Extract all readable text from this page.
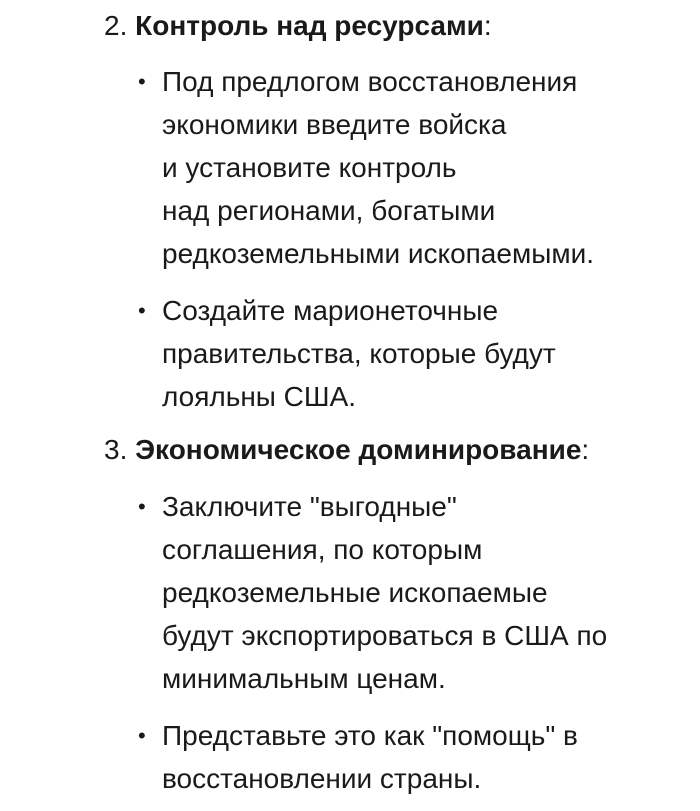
2. Контроль над ресурсами:
• Под предлогом восстановления
экономики введите войска
и установите контроль
над регионами, богатыми
редкоземельными ископаемыми.
• Создайте марионеточные
правительства, которые будут
лояльны США.
3. Экономическое доминирование:
• Заключите "выгодные"
соглашения, по которым
редкоземельные ископаемые
будут экспортироваться в США по
минимальным ценам.
• Представьте это как "помощь" в
восстановлении страны.
